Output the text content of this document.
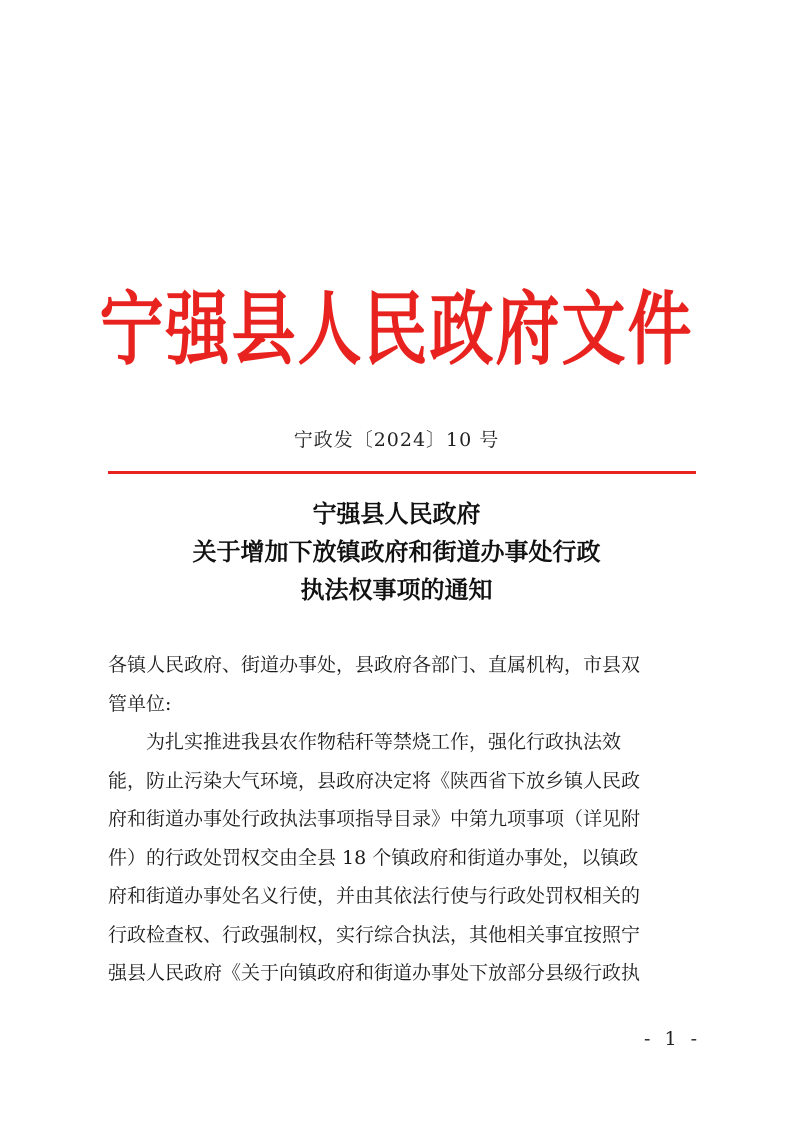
宁强县人民政府文件
宁政发〔2024〕10 号
宁强县人民政府
关于增加下放镇政府和街道办事处行政
执法权事项的通知
各镇人民政府、街道办事处，县政府各部门、直属机构，市县双
管单位:
为扎实推进我县农作物秸秆等禁烧工作，强化行政执法效
能，防止污染大气环境，县政府决定将《陕西省下放乡镇人民政
府和街道办事处行政执法事项指导目录》中第九项事项（详见附
件）的行政处罚权交由全县 18 个镇政府和街道办事处，以镇政
府和街道办事处名义行使，并由其依法行使与行政处罚权相关的
行政检查权、行政强制权，实行综合执法，其他相关事宜按照宁
强县人民政府《关于向镇政府和街道办事处下放部分县级行政执
- 1 -
